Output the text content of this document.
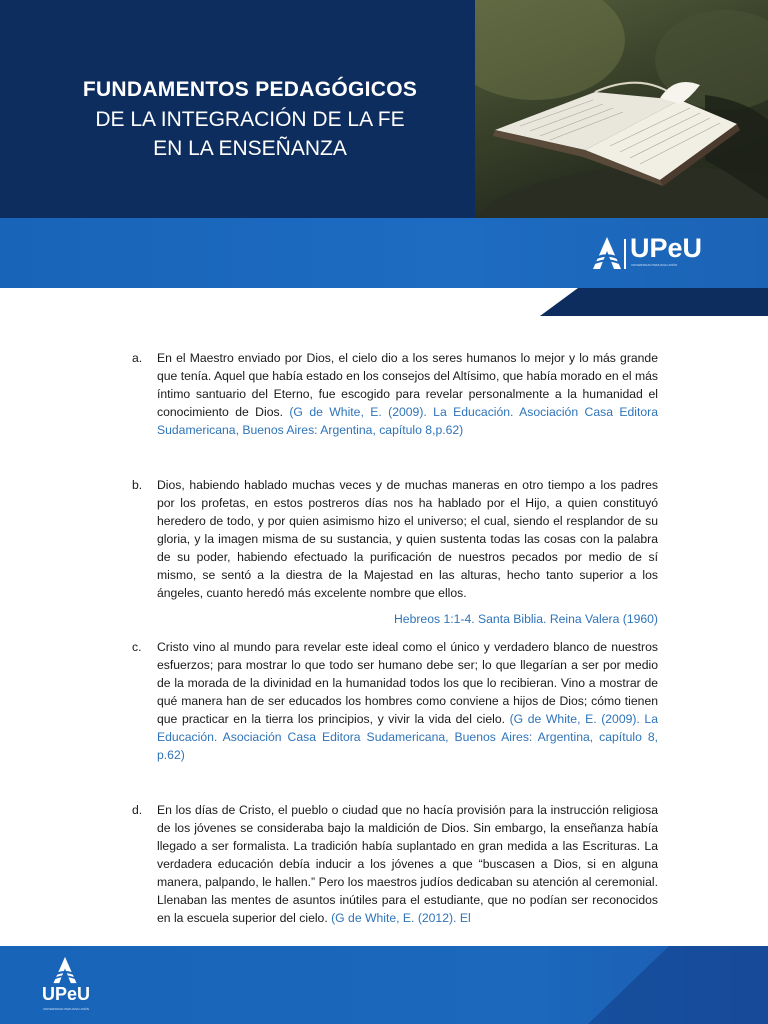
FUNDAMENTOS PEDAGÓGICOS
DE LA INTEGRACIÓN DE LA FE
EN LA ENSEÑANZA
UPeU
UNIVERSIDAD PERUANA UNIÓN
a. En el Maestro enviado por Dios, el cielo dio a los seres humanos lo mejor y lo más grande que tenía. Aquel que había estado en los consejos del Altísimo, que había morado en el más íntimo santuario del Eterno, fue escogido para revelar personalmente a la humanidad el conocimiento de Dios. (G de White, E. (2009). La Educación. Asociación Casa Editora Sudamericana, Buenos Aires: Argentina, capítulo 8,p.62)
b. Dios, habiendo hablado muchas veces y de muchas maneras en otro tiempo a los padres por los profetas, en estos postreros días nos ha hablado por el Hijo, a quien constituyó heredero de todo, y por quien asimismo hizo el universo; el cual, siendo el resplandor de su gloria, y la imagen misma de su sustancia, y quien sustenta todas las cosas con la palabra de su poder, habiendo efectuado la purificación de nuestros pecados por medio de sí mismo, se sentó a la diestra de la Majestad en las alturas, hecho tanto superior a los ángeles, cuanto heredó más excelente nombre que ellos.
Hebreos 1:1-4. Santa Biblia. Reina Valera (1960)
c. Cristo vino al mundo para revelar este ideal como el único y verdadero blanco de nuestros esfuerzos; para mostrar lo que todo ser humano debe ser; lo que llegarían a ser por medio de la morada de la divinidad en la humanidad todos los que lo recibieran. Vino a mostrar de qué manera han de ser educados los hombres como conviene a hijos de Dios; cómo tienen que practicar en la tierra los principios, y vivir la vida del cielo. (G de White, E. (2009). La Educación. Asociación Casa Editora Sudamericana, Buenos Aires: Argentina, capítulo 8, p.62)
d. En los días de Cristo, el pueblo o ciudad que no hacía provisión para la instrucción religiosa de los jóvenes se consideraba bajo la maldición de Dios. Sin embargo, la enseñanza había llegado a ser formalista. La tradición había suplantado en gran medida a las Escrituras. La verdadera educación debía inducir a los jóvenes a que “buscasen a Dios, si en alguna manera, palpando, le hallen.” Pero los maestros judíos dedicaban su atención al ceremonial. Llenaban las mentes de asuntos inútiles para el estudiante, que no podían ser reconocidos en la escuela superior del cielo. (G de White, E. (2012). El
UPeU
UNIVERSIDAD PERUANA UNIÓN
